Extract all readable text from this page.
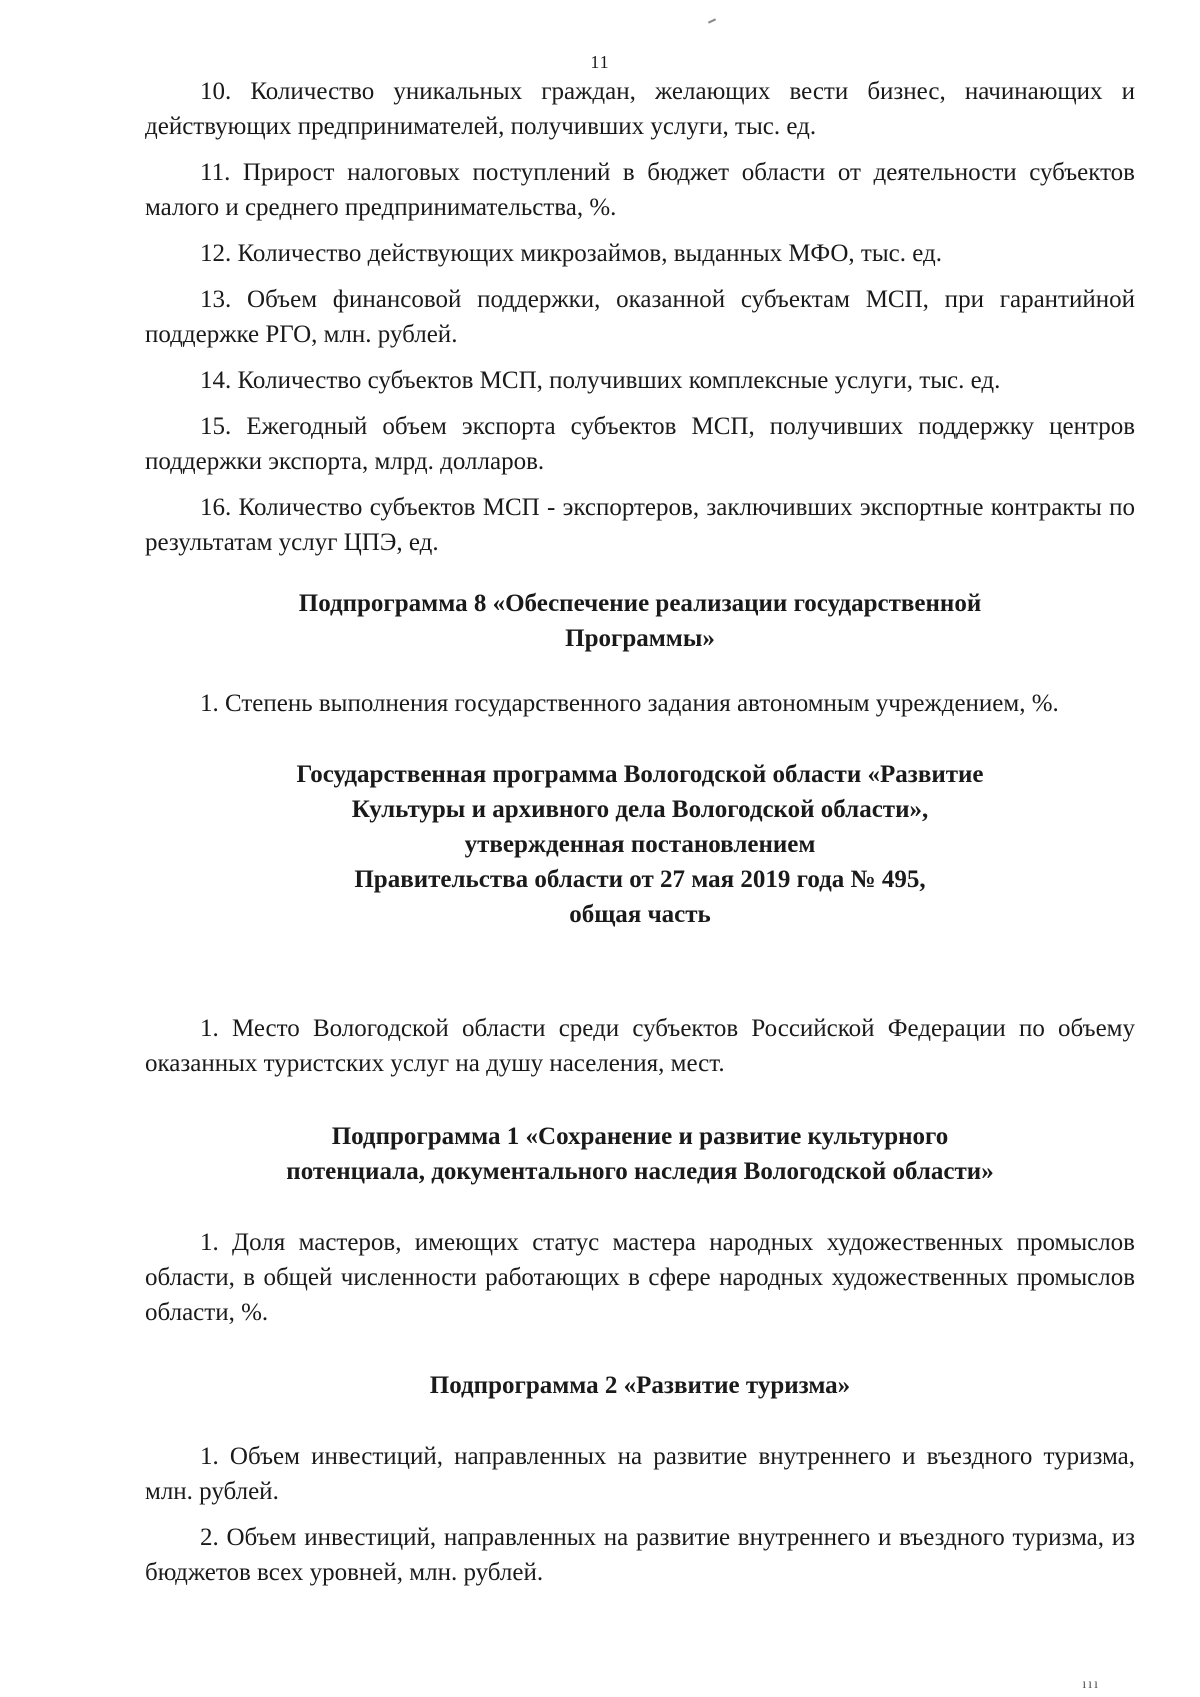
11

10. Количество уникальных граждан, желающих вести бизнес, начинающих и действующих предпринимателей, получивших услуги, тыс. ед.

11. Прирост налоговых поступлений в бюджет области от деятельности субъектов малого и среднего предпринимательства, %.

12. Количество действующих микрозаймов, выданных МФО, тыс. ед.

13. Объем финансовой поддержки, оказанной субъектам МСП, при гарантийной поддержке РГО, млн. рублей.

14. Количество субъектов МСП, получивших комплексные услуги, тыс. ед.

15. Ежегодный объем экспорта субъектов МСП, получивших поддержку центров поддержки экспорта, млрд. долларов.

16. Количество субъектов МСП - экспортеров, заключивших экспортные контракты по результатам услуг ЦПЭ, ед.

Подпрограмма 8 «Обеспечение реализации государственной

Программы»

1. Степень выполнения государственного задания автономным учреждением, %.

Государственная программа Вологодской области «Развитие

Культуры и архивного дела Вологодской области»,

утвержденная постановлением

Правительства области от 27 мая 2019 года № 495,

общая часть

1. Место Вологодской области среди субъектов Российской Федерации по объему оказанных туристских услуг на душу населения, мест.

Подпрограмма 1 «Сохранение и развитие культурного

потенциала, документального наследия Вологодской области»

1. Доля мастеров, имеющих статус мастера народных художественных промыслов области, в общей численности работающих в сфере народных художественных промыслов области, %.

Подпрограмма 2 «Развитие туризма»

1. Объем инвестиций, направленных на развитие внутреннего и въездного туризма, млн. рублей.

2. Объем инвестиций, направленных на развитие внутреннего и въездного туризма, из бюджетов всех уровней, млн. рублей.

ııı
